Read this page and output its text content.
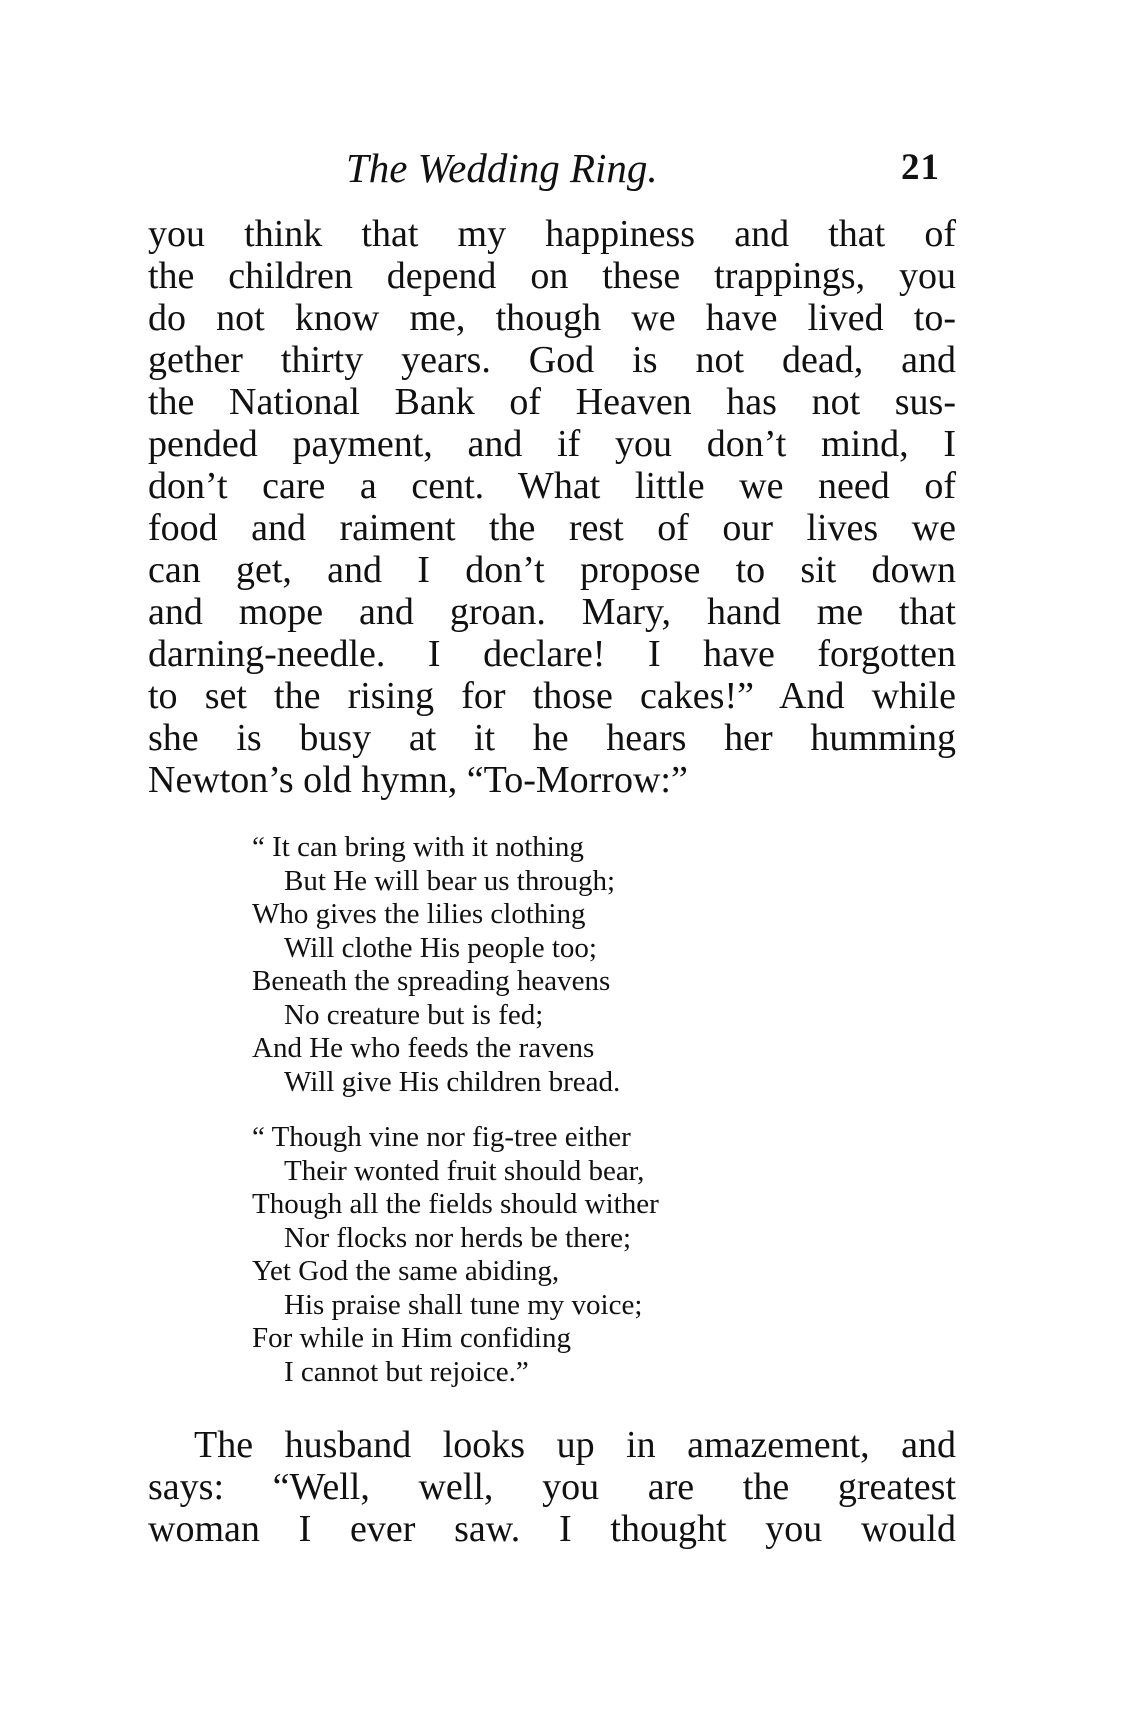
The Wedding Ring.	21
you think that my happiness and that of
the children depend on these trappings, you
do not know me, though we have lived to-
gether thirty years. God is not dead, and
the National Bank of Heaven has not sus-
pended payment, and if you don’t mind, I
don’t care a cent. What little we need of
food and raiment the rest of our lives we
can get, and I don’t propose to sit down
and mope and groan. Mary, hand me that
darning-needle. I declare! I have forgotten
to set the rising for those cakes!” And while
she is busy at it he hears her humming
Newton’s old hymn, “To-Morrow:”
“ It can bring with it nothing
But He will bear us through;
Who gives the lilies clothing
Will clothe His people too;
Beneath the spreading heavens
No creature but is fed;
And He who feeds the ravens
Will give His children bread.
“ Though vine nor fig-tree either
Their wonted fruit should bear,
Though all the fields should wither
Nor flocks nor herds be there;
Yet God the same abiding,
His praise shall tune my voice;
For while in Him confiding
I cannot but rejoice.”
The husband looks up in amazement, and
says: “Well, well, you are the greatest
woman I ever saw. I thought you would
